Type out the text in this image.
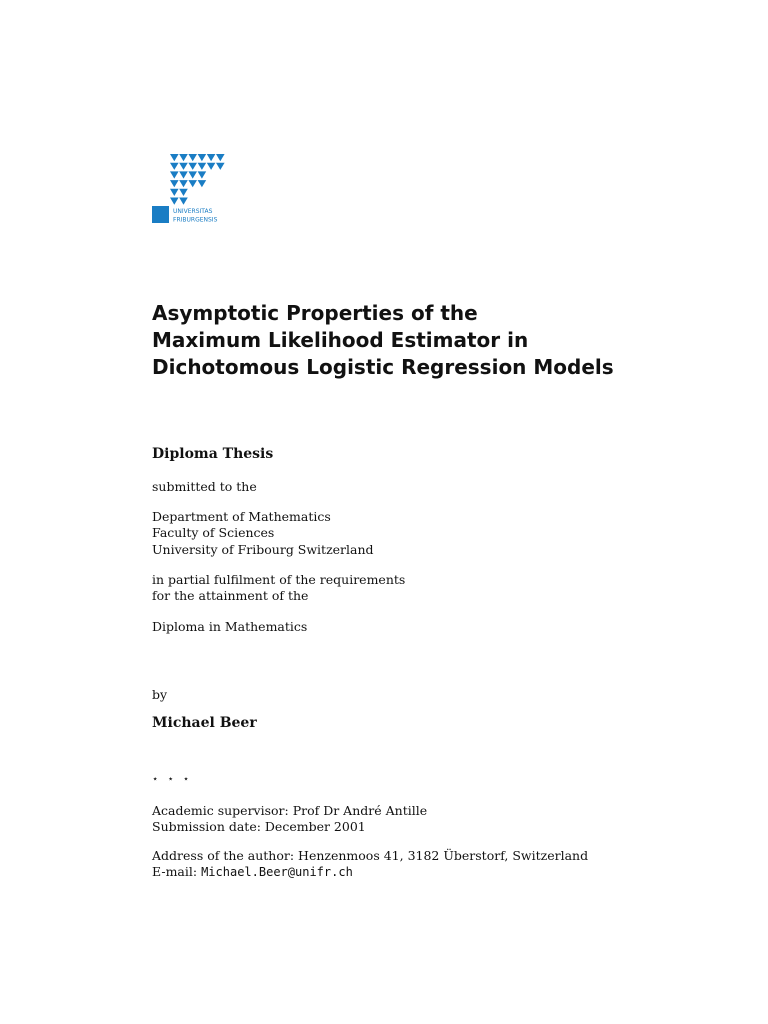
UNIVERSITAS
FRIBURGENSIS
Asymptotic Properties of the
Maximum Likelihood Estimator in
Dichotomous Logistic Regression Models
Diploma Thesis
submitted to the
Department of Mathematics
Faculty of Sciences
University of Fribourg Switzerland
in partial fulfilment of the requirements
for the attainment of the
Diploma in Mathematics
by
Michael Beer
⋆ ⋆ ⋆
Academic supervisor: Prof Dr André Antille
Submission date: December 2001
Address of the author: Henzenmoos 41, 3182 Überstorf, Switzerland
E-mail: Michael.Beer@unifr.ch
